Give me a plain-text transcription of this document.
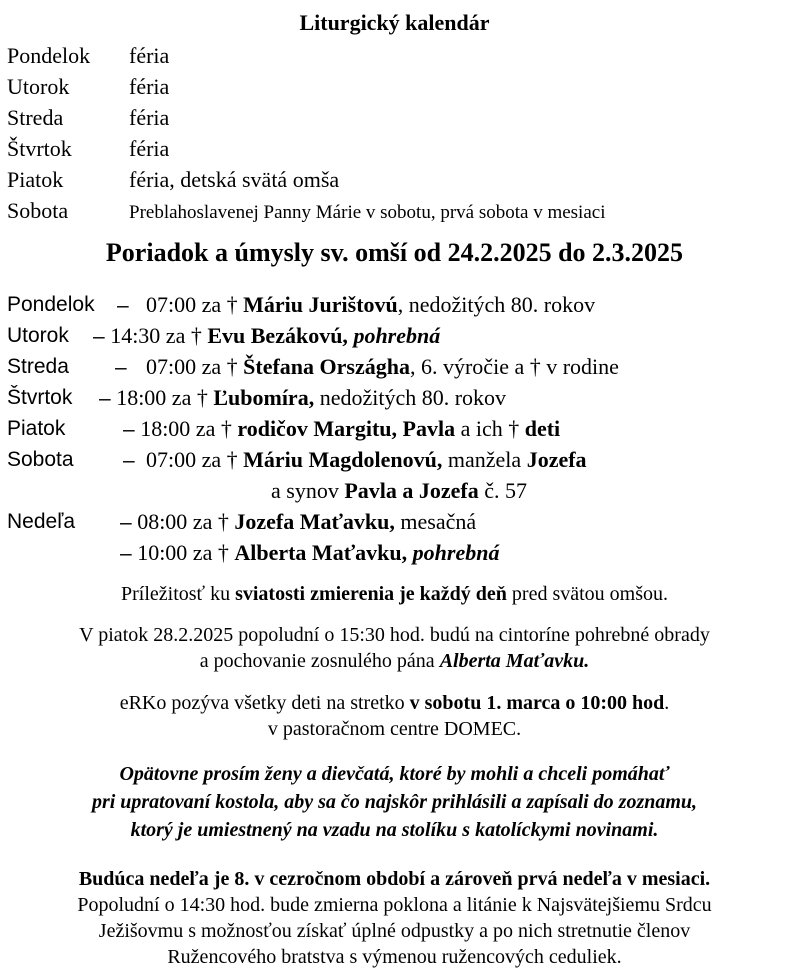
Liturgický kalendár
Pondelok féria
Utorok	féria
Streda	féria
Štvrtok	féria
Piatok	féria, detská svätá omša
Sobota	Preblahoslavenej Panny Márie v sobotu, prvá sobota v mesiaci
Poriadok a úmysly sv. omší od 24.2.2025 do 2.3.2025
Pondelok – 07:00 za † Máriu Jurištovú, nedožitých 80. rokov
Utorok – 14:30 za † Evu Bezákovú, pohrebná
Streda – 07:00 za † Štefana Országha, 6. výročie a † v rodine
Štvrtok – 18:00 za † Ľubomíra, nedožitých 80. rokov
Piatok	– 18:00 za † rodičov Margitu, Pavla a ich † deti
Sobota – 07:00 za † Máriu Magdolenovú, manžela Jozefa
a synov Pavla a Jozefa č. 57
Nedeľa – 08:00 za † Jozefa Maťavku, mesačná
– 10:00 za † Alberta Maťavku, pohrebná
Príležitosť ku sviatosti zmierenia je každý deň pred svätou omšou.
V piatok 28.2.2025 popoludní o 15:30 hod. budú na cintoríne pohrebné obrady
a pochovanie zosnulého pána Alberta Maťavku.
eRKo pozýva všetky deti na stretko v sobotu 1. marca o 10:00 hod.
v pastoračnom centre DOMEC.
Opätovne prosím ženy a dievčatá, ktoré by mohli a chceli pomáhať
pri upratovaní kostola, aby sa čo najskôr prihlásili a zapísali do zoznamu,
ktorý je umiestnený na vzadu na stolíku s katolíckymi novinami.
Budúca nedeľa je 8. v cezročnom období a zároveň prvá nedeľa v mesiaci.
Popoludní o 14:30 hod. bude zmierna poklona a litánie k Najsvätejšiemu Srdcu
Ježišovmu s možnosťou získať úplné odpustky a po nich stretnutie členov
Ružencového bratstva s výmenou ružencových ceduliek.
